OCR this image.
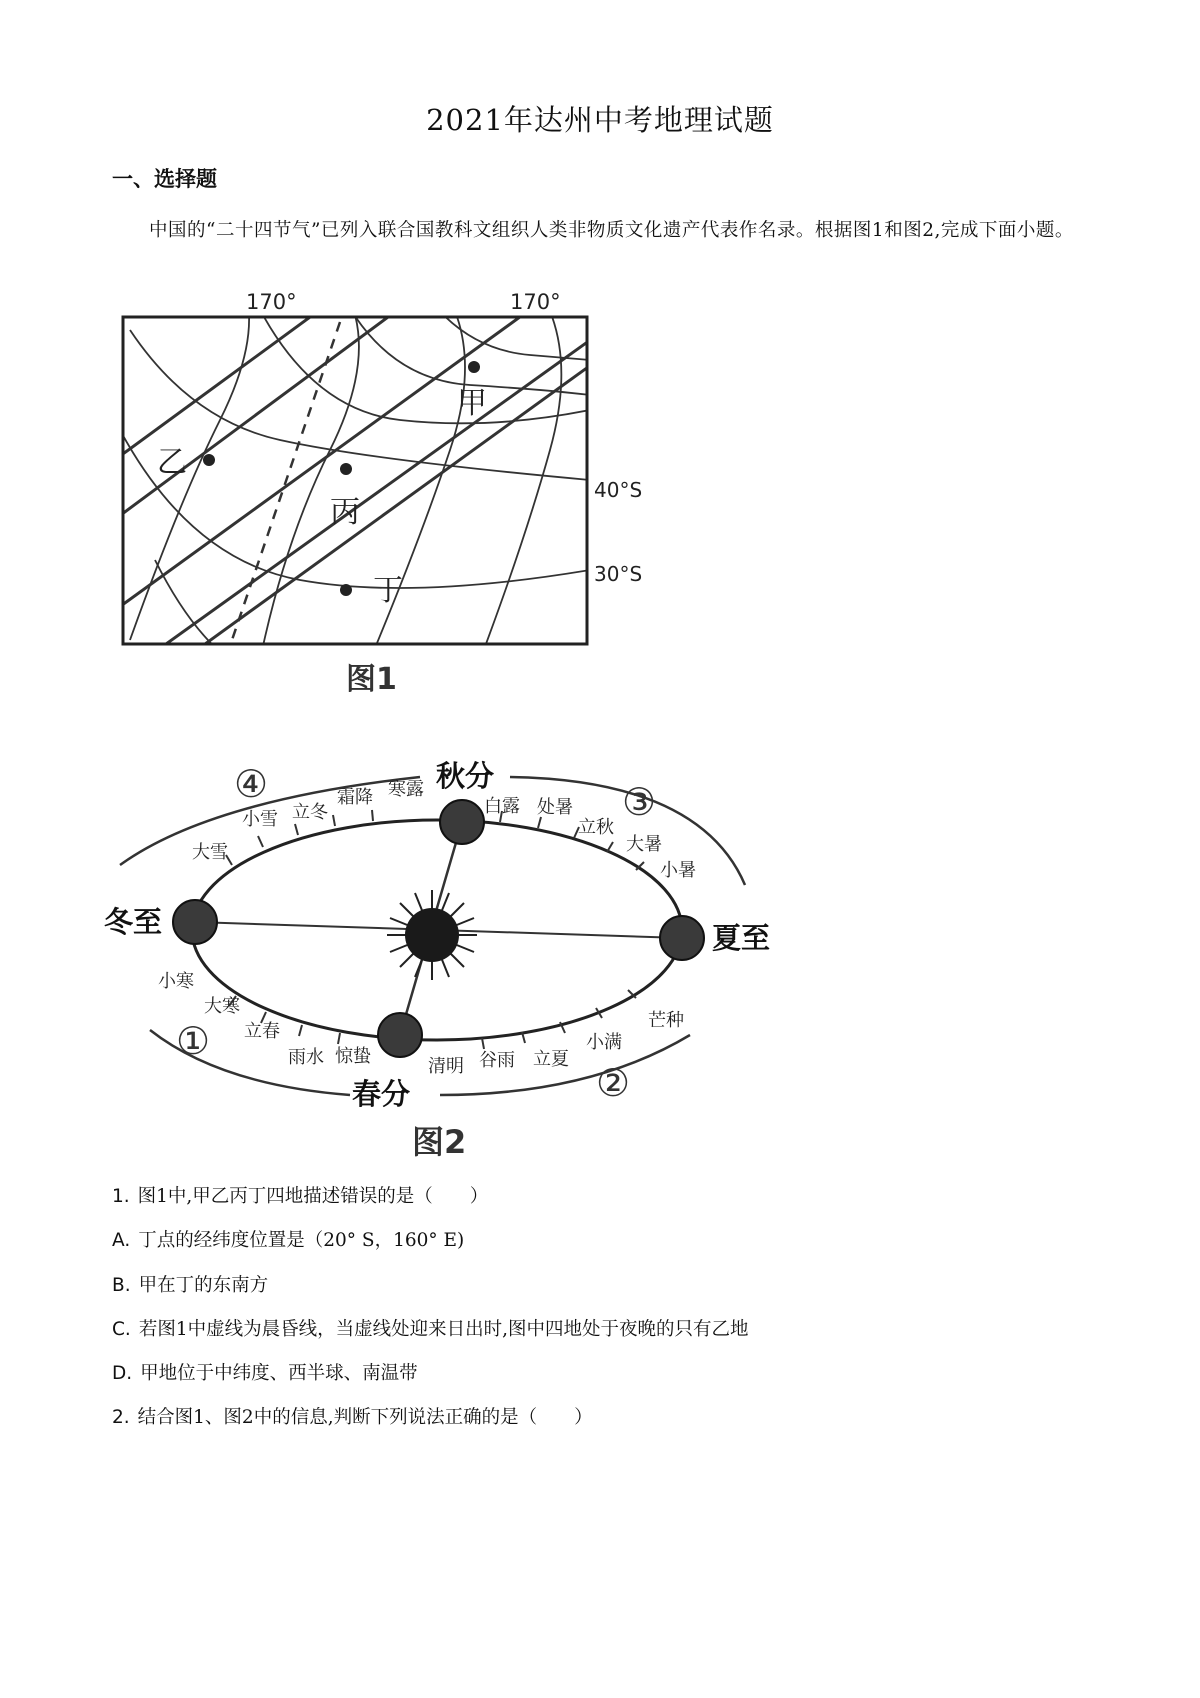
2021年达州中考地理试题
一、选择题
中国的“二十四节气”已列入联合国教科文组织人类非物质文化遗产代表作名录。根据图1和图2,完成下面小题。
170°	170°
40°S
30°S
甲
乙
丙
丁
图1
④	③
①
②
秋分
冬至	夏至
春分
小雪 立冬
霜降 寒露
白露 处暑
立秋
大暑
小暑
大雪
小寒
大寒
立春
雨水 惊蛰	清明 谷雨 立夏
小满
芒种
图2
1. 图1中,甲乙丙丁四地描述错误的是（　　）
A. 丁点的经纬度位置是（20° S，160° E)
B. 甲在丁的东南方
C. 若图1中虚线为晨昏线，当虚线处迎来日出时,图中四地处于夜晚的只有乙地
D. 甲地位于中纬度、西半球、南温带
2. 结合图1、图2中的信息,判断下列说法正确的是（　　）
